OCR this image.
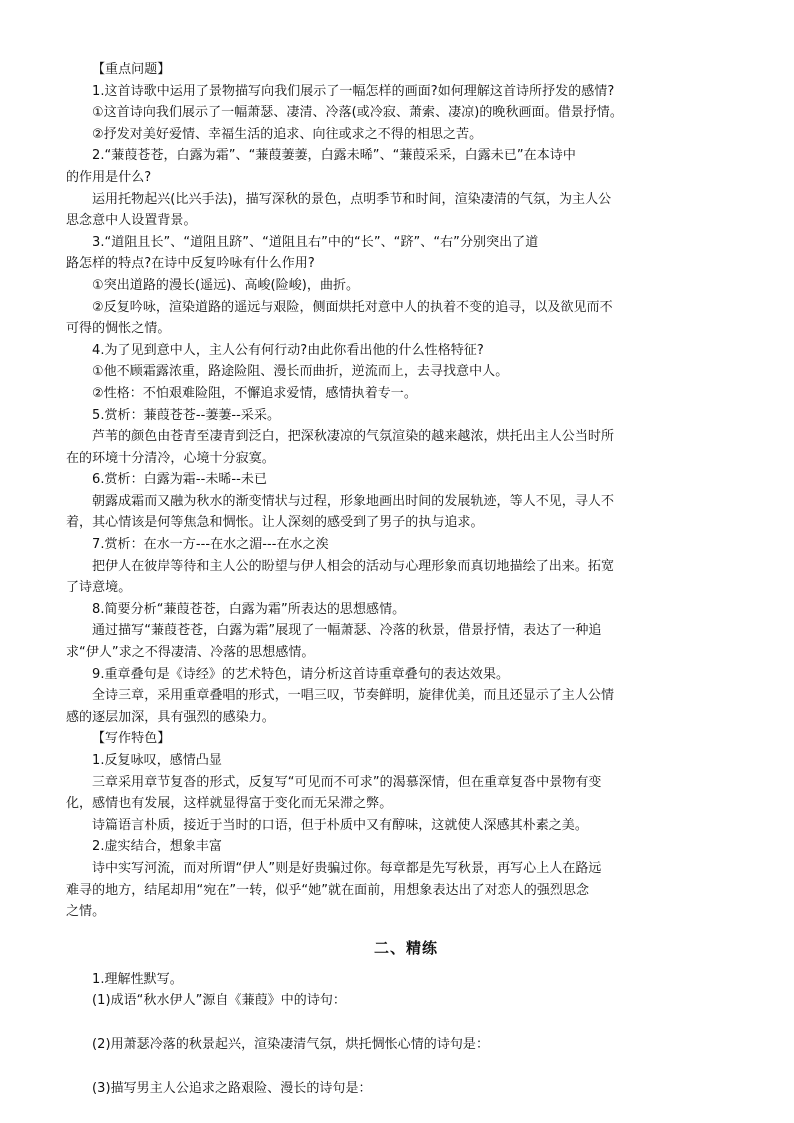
【重点问题】
1.这首诗歌中运用了景物描写向我们展示了一幅怎样的画面?如何理解这首诗所抒发的感情?
①这首诗向我们展示了一幅萧瑟、凄清、冷落(或冷寂、萧索、凄凉)的晚秋画面。借景抒情。
②抒发对美好爱情、幸福生活的追求、向往或求之不得的相思之苦。
2.“蒹葭苍苍，白露为霜”、“蒹葭萋萋，白露未晞”、“蒹葭采采，白露未已”在本诗中
的作用是什么?
运用托物起兴(比兴手法)，描写深秋的景色，点明季节和时间，渲染凄清的气氛，为主人公
思念意中人设置背景。
3.“道阻且长”、“道阻且跻”、“道阻且右”中的“长”、“跻”、“右”分别突出了道
路怎样的特点?在诗中反复吟咏有什么作用?
①突出道路的漫长(遥远)、高峻(险峻)，曲折。
②反复吟咏，渲染道路的遥远与艰险，侧面烘托对意中人的执着不变的追寻，以及欲见而不
可得的惆怅之情。
4.为了见到意中人，主人公有何行动?由此你看出他的什么性格特征?
①他不顾霜露浓重，路途险阻、漫长而曲折，逆流而上，去寻找意中人。
②性格：不怕艰难险阻，不懈追求爱情，感情执着专一。
5.赏析：蒹葭苍苍--萋萋--采采。
芦苇的颜色由苍青至凄青到泛白，把深秋凄凉的气氛渲染的越来越浓，烘托出主人公当时所
在的环境十分清冷，心境十分寂寞。
6.赏析：白露为霜--未晞--未已
朝露成霜而又融为秋水的渐变情状与过程，形象地画出时间的发展轨迹，等人不见，寻人不
着，其心情该是何等焦急和惆怅。让人深刻的感受到了男子的执与追求。
7.赏析：在水一方---在水之湄---在水之涘
把伊人在彼岸等待和主人公的盼望与伊人相会的活动与心理形象而真切地描绘了出来。拓宽
了诗意境。
8.简要分析“蒹葭苍苍，白露为霜”所表达的思想感情。
通过描写“蒹葭苍苍，白露为霜”展现了一幅萧瑟、冷落的秋景，借景抒情，表达了一种追
求“伊人”求之不得凄清、冷落的思想感情。
9.重章叠句是《诗经》的艺术特色，请分析这首诗重章叠句的表达效果。
全诗三章，采用重章叠唱的形式，一唱三叹，节奏鲜明，旋律优美，而且还显示了主人公情
感的逐层加深，具有强烈的感染力。
【写作特色】
1.反复咏叹，感情凸显
三章采用章节复沓的形式，反复写“可见而不可求”的渴慕深情，但在重章复沓中景物有变
化，感情也有发展，这样就显得富于变化而无呆滞之弊。
诗篇语言朴质，接近于当时的口语，但于朴质中又有醇味，这就使人深感其朴素之美。
2.虚实结合，想象丰富
诗中实写河流，而对所谓“伊人”则是好贵骗过你。每章都是先写秋景，再写心上人在路远
难寻的地方，结尾却用“宛在”一转，似乎“她”就在面前，用想象表达出了对恋人的强烈思念
之情。
二、精练
1.理解性默写。
(1)成语“秋水伊人”源自《蒹葭》中的诗句：
(2)用萧瑟冷落的秋景起兴，渲染凄清气氛，烘托惆怅心情的诗句是：
(3)描写男主人公追求之路艰险、漫长的诗句是：
